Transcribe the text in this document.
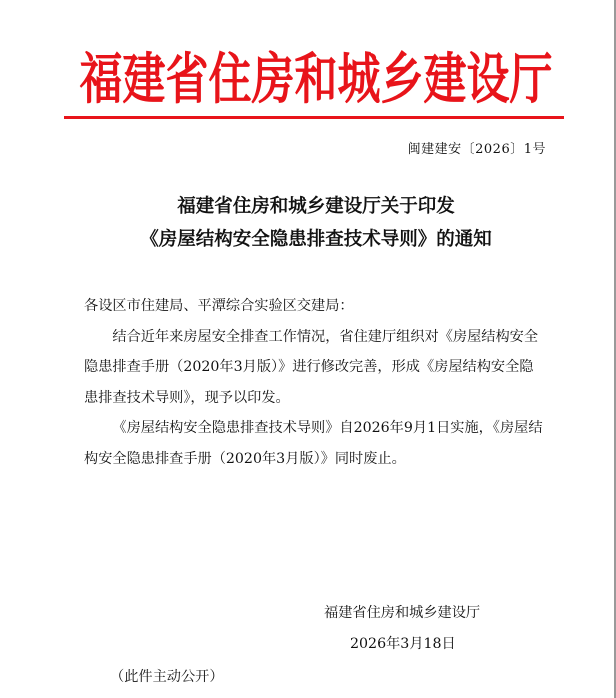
福建省住房和城乡建设厅
闽建建安〔2026〕1号
福建省住房和城乡建设厅关于印发
《房屋结构安全隐患排查技术导则》的通知

各设区市住建局、平潭综合实验区交建局：

结合近年来房屋安全排查工作情况，省住建厅组织对《房屋结构安全隐患排查手册（2020年3月版）》进行修改完善，形成《房屋结构安全隐患排查技术导则》，现予以印发。

《房屋结构安全隐患排查技术导则》自2026年9月1日实施，《房屋结构安全隐患排查手册（2020年3月版）》同时废止。

福建省住房和城乡建设厅
2026年3月18日
（此件主动公开）
